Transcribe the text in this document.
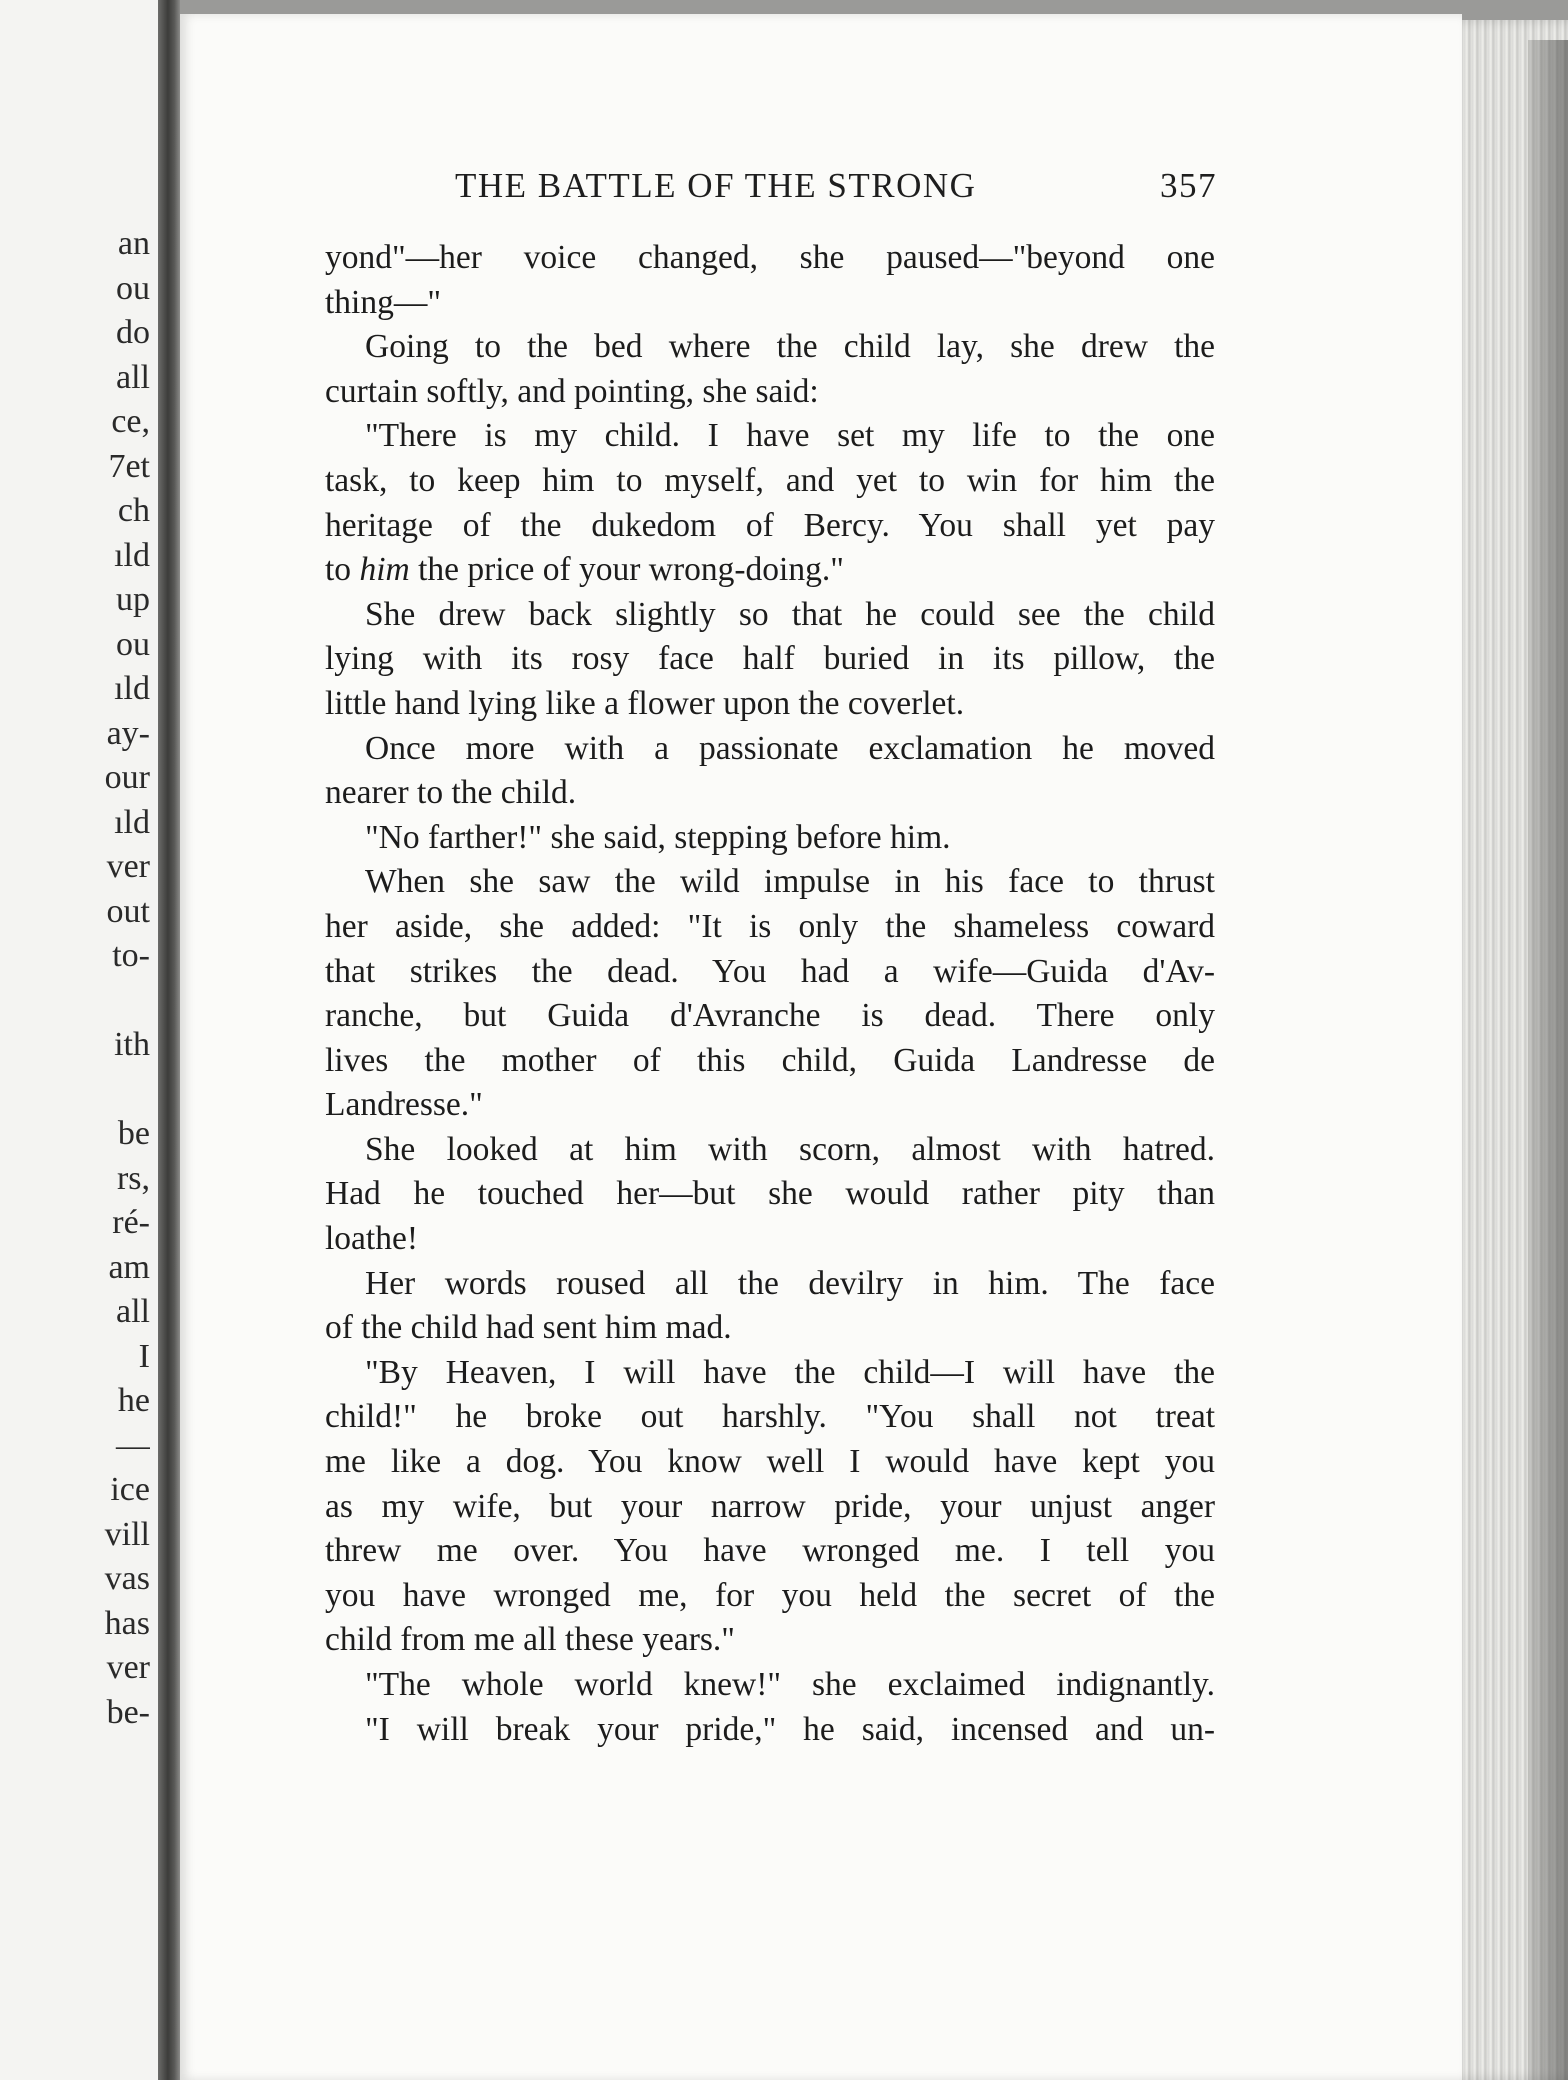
an
ou
do
all
ce,
7et
ch
ıld
up
ou
ıld
ay-
our
ıld
ver
out
to-
ith
be
rs,
ré-
am
all
I
he
—
ice
vill
vas
has
ver
be-
THE BATTLE OF THE STRONG	357
yond"—her voice changed, she paused—"beyond one
thing—"
Going to the bed where the child lay, she drew the
curtain softly, and pointing, she said:
"There is my child. I have set my life to the one
task, to keep him to myself, and yet to win for him the
heritage of the dukedom of Bercy. You shall yet pay
to him the price of your wrong-doing."
She drew back slightly so that he could see the child
lying with its rosy face half buried in its pillow, the
little hand lying like a flower upon the coverlet.
Once more with a passionate exclamation he moved
nearer to the child.
"No farther!" she said, stepping before him.
When she saw the wild impulse in his face to thrust
her aside, she added: "It is only the shameless coward
that strikes the dead. You had a wife—Guida d'Av-
ranche, but Guida d'Avranche is dead. There only
lives the mother of this child, Guida Landresse de
Landresse."
She looked at him with scorn, almost with hatred.
Had he touched her—but she would rather pity than
loathe!
Her words roused all the devilry in him. The face
of the child had sent him mad.
"By Heaven, I will have the child—I will have the
child!" he broke out harshly. "You shall not treat
me like a dog. You know well I would have kept you
as my wife, but your narrow pride, your unjust anger
threw me over. You have wronged me. I tell you
you have wronged me, for you held the secret of the
child from me all these years."
"The whole world knew!" she exclaimed indignantly.
"I will break your pride," he said, incensed and un-
